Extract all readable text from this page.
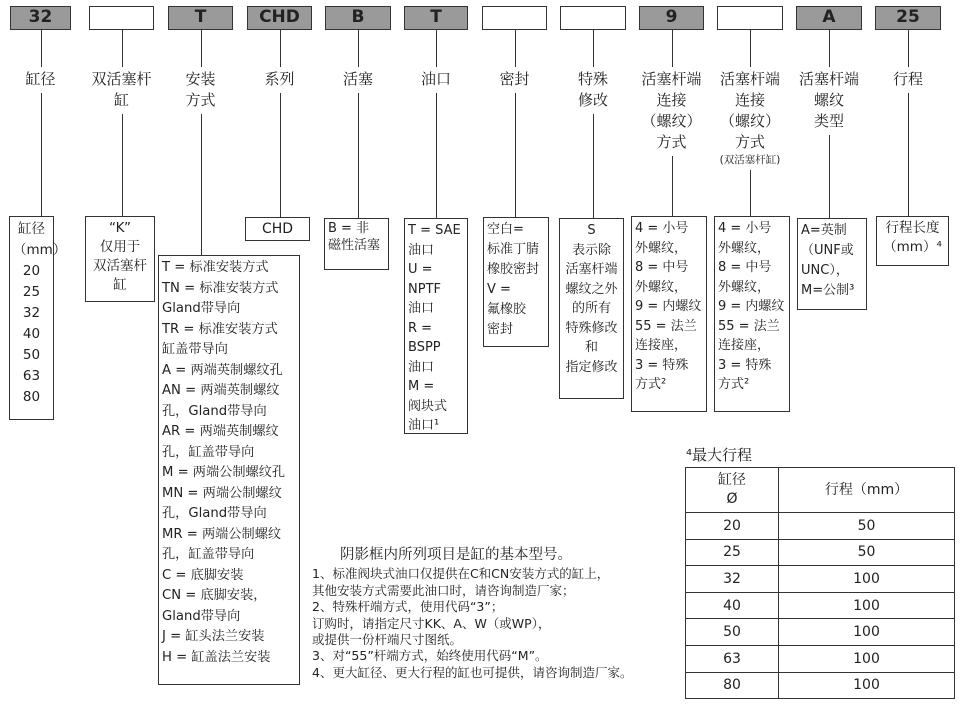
32	T	CHD	B	T	9	A	25
缸径	双活塞杆
缸
安装
方式
系列	活塞	油口	密封	特殊
修改
活塞杆端
连接
（螺纹）
方式
活塞杆端
连接
（螺纹）
方式
(双活塞杆缸)
活塞杆端
螺纹
类型
行程
缸径
（mm）
20
25
32
40
50
63
80
“K”
仅用于
双活塞杆
缸
T = 标准安装方式
TN = 标准安装方式
Gland带导向
TR = 标准安装方式
缸盖带导向
A = 两端英制螺纹孔
AN = 两端英制螺纹
孔，Gland带导向
AR = 两端英制螺纹
孔，缸盖带导向
M = 两端公制螺纹孔
MN = 两端公制螺纹
孔，Gland带导向
MR = 两端公制螺纹
孔，缸盖带导向
C = 底脚安装
CN = 底脚安装，
Gland带导向
J = 缸头法兰安装
H = 缸盖法兰安装
CHD	B = 非
磁性活塞
T = SAE
油口
U =
NPTF
油口
R =
BSPP
油口
M =
阀块式
油口¹
空白=
标准丁腈
橡胶密封
V =
氟橡胶
密封
S
表示除
活塞杆端
螺纹之外
的所有
特殊修改
和
指定修改
4 = 小号
外螺纹，
8 = 中号
外螺纹，
9 = 内螺纹
55 = 法兰
连接座，
3 = 特殊
方式²
4 = 小号
外螺纹，
8 = 中号
外螺纹，
9 = 内螺纹
55 = 法兰
连接座，
3 = 特殊
方式²
A=英制
（UNF或
UNC），
M=公制³
行程长度
（mm）⁴
阴影框内所列项目是缸的基本型号。
1、标准阀块式油口仅提供在C和CN安装方式的缸上，
其他安装方式需要此油口时，请咨询制造厂家；
2、特殊杆端方式，使用代码“3”；
订购时，请指定尺寸KK、A、W（或WP），
或提供一份杆端尺寸图纸。
3、对“55”杆端方式，始终使用代码“M”。
4、更大缸径、更大行程的缸也可提供，请咨询制造厂家。
⁴最大行程
缸径
Ø	行程（mm）

20	50
25	50
32	100
40	100
50	100
63	100
80	100
